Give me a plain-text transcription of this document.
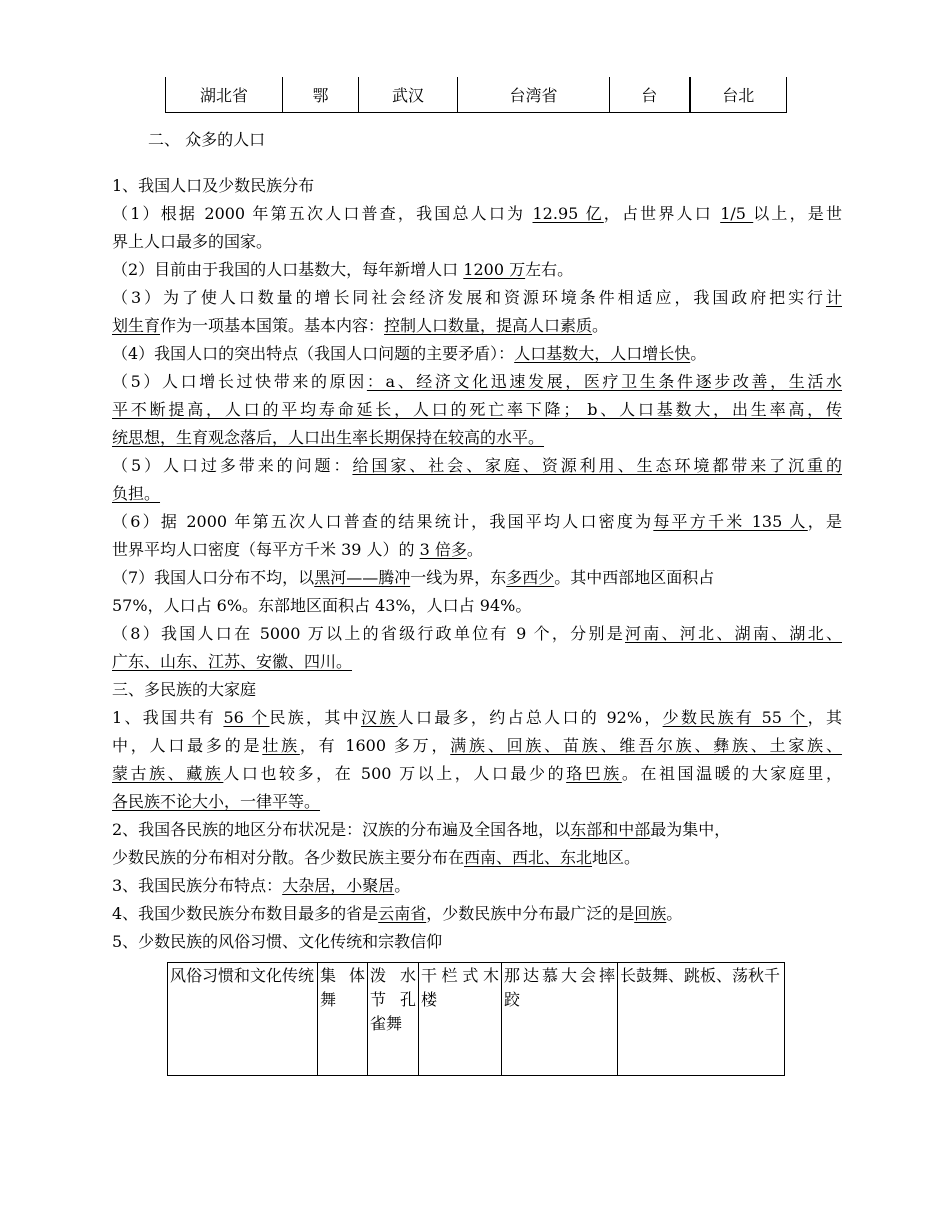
湖北省	鄂	武汉	台湾省	台	台北
二、 众多的人口
1、我国人口及少数民族分布
（1）根据 2000 年第五次人口普查，我国总人口为 12.95 亿，占世界人口 1/5 以上，是世
界上人口最多的国家。
（2）目前由于我国的人口基数大，每年新增人口 1200 万左右。
（3）为了使人口数量的增长同社会经济发展和资源环境条件相适应，我国政府把实行计
划生育作为一项基本国策。基本内容：控制人口数量，提高人口素质。
（4）我国人口的突出特点（我国人口问题的主要矛盾）：人口基数大，人口增长快。
（5）人口增长过快带来的原因：a、经济文化迅速发展，医疗卫生条件逐步改善，生活水
平不断提高，人口的平均寿命延长，人口的死亡率下降； b、人口基数大，出生率高，传
统思想，生育观念落后，人口出生率长期保持在较高的水平。
（5）人口过多带来的问题：给国家、社会、家庭、资源利用、生态环境都带来了沉重的
负担。
（6）据 2000 年第五次人口普查的结果统计，我国平均人口密度为每平方千米 135 人，是
世界平均人口密度（每平方千米 39 人）的 3 倍多。
（7）我国人口分布不均，以黑河——腾冲一线为界，东多西少。其中西部地区面积占
57%，人口占 6%。东部地区面积占 43%，人口占 94%。
（8）我国人口在 5000 万以上的省级行政单位有 9 个，分别是河南、河北、湖南、湖北、
广东、山东、江苏、安徽、四川。
三、多民族的大家庭
1、我国共有 56 个民族，其中汉族人口最多，约占总人口的 92%，少数民族有 55 个，其
中，人口最多的是壮族，有 1600 多万，满族、回族、苗族、维吾尔族、彝族、土家族、
蒙古族、藏族人口也较多，在 500 万以上，人口最少的珞巴族。在祖国温暖的大家庭里，
各民族不论大小，一律平等。
2、我国各民族的地区分布状况是：汉族的分布遍及全国各地，以东部和中部最为集中，
少数民族的分布相对分散。各少数民族主要分布在西南、西北、东北地区。
3、我国民族分布特点：大杂居，小聚居。
4、我国少数民族分布数目最多的省是云南省，少数民族中分布最广泛的是回族。
5、少数民族的风俗习惯、文化传统和宗教信仰
风俗习惯和文化传统	集 体舞	泼 水节 孔 雀舞	干栏式木楼	那达慕大会摔跤	长鼓舞、跳板、荡秋千
